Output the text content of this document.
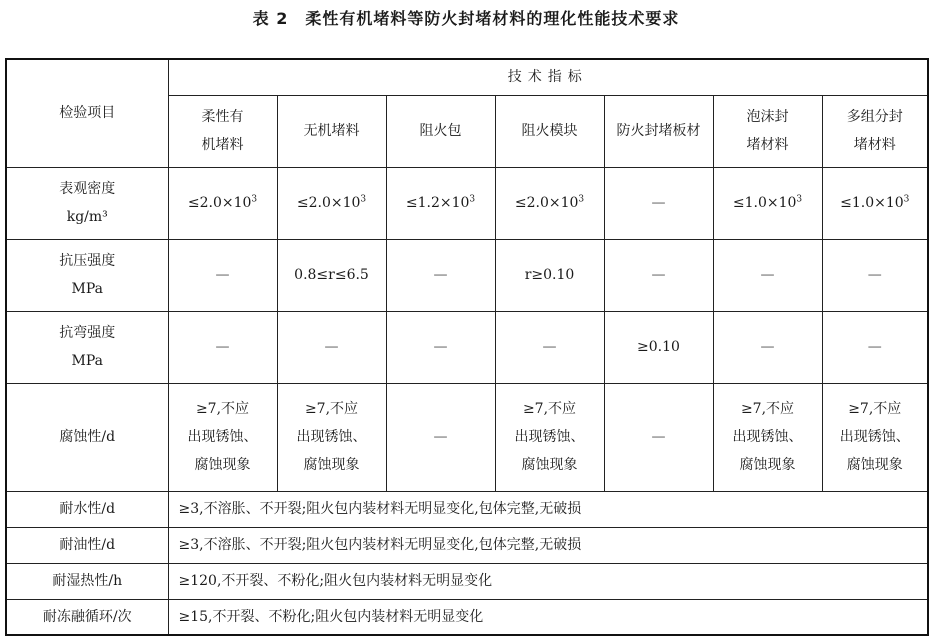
表 2　柔性有机堵料等防火封堵材料的理化性能技术要求
检验项目	技术指标						

	柔性有
机堵料	无机堵料	阻火包	阻火模块	防火封堵板材	泡沫封
堵材料	多组分封
堵材料

表观密度
kg/m³	$\le 2.0\times 10^3$	$\le 2.0\times 10^3$	$\le 1.2\times 10^3$	$\le 2.0\times 10^3$	—	$\le 1.0\times 10^3$	$\le 1.0\times 10^3$

抗压强度
MPa	—	0.8≤r≤6.5	—	r≥0.10	—	—	—

抗弯强度
MPa	—	—	—	—	≥0.10	—	—
腐蚀性/d	≥7,不应
出现锈蚀、
腐蚀现象	≥7,不应
出现锈蚀、
腐蚀现象	—	≥7,不应
出现锈蚀、
腐蚀现象	—	≥7,不应
出现锈蚀、
腐蚀现象	≥7,不应
出现锈蚀、
腐蚀现象

耐水性/d	≥3,不溶胀、不开裂;阻火包内装材料无明显变化,包体完整,无破损						
耐油性/d	≥3,不溶胀、不开裂;阻火包内装材料无明显变化,包体完整,无破损						
耐湿热性/h	≥120,不开裂、不粉化;阻火包内装材料无明显变化						
耐冻融循环/次	≥15,不开裂、不粉化;阻火包内装材料无明显变化						
